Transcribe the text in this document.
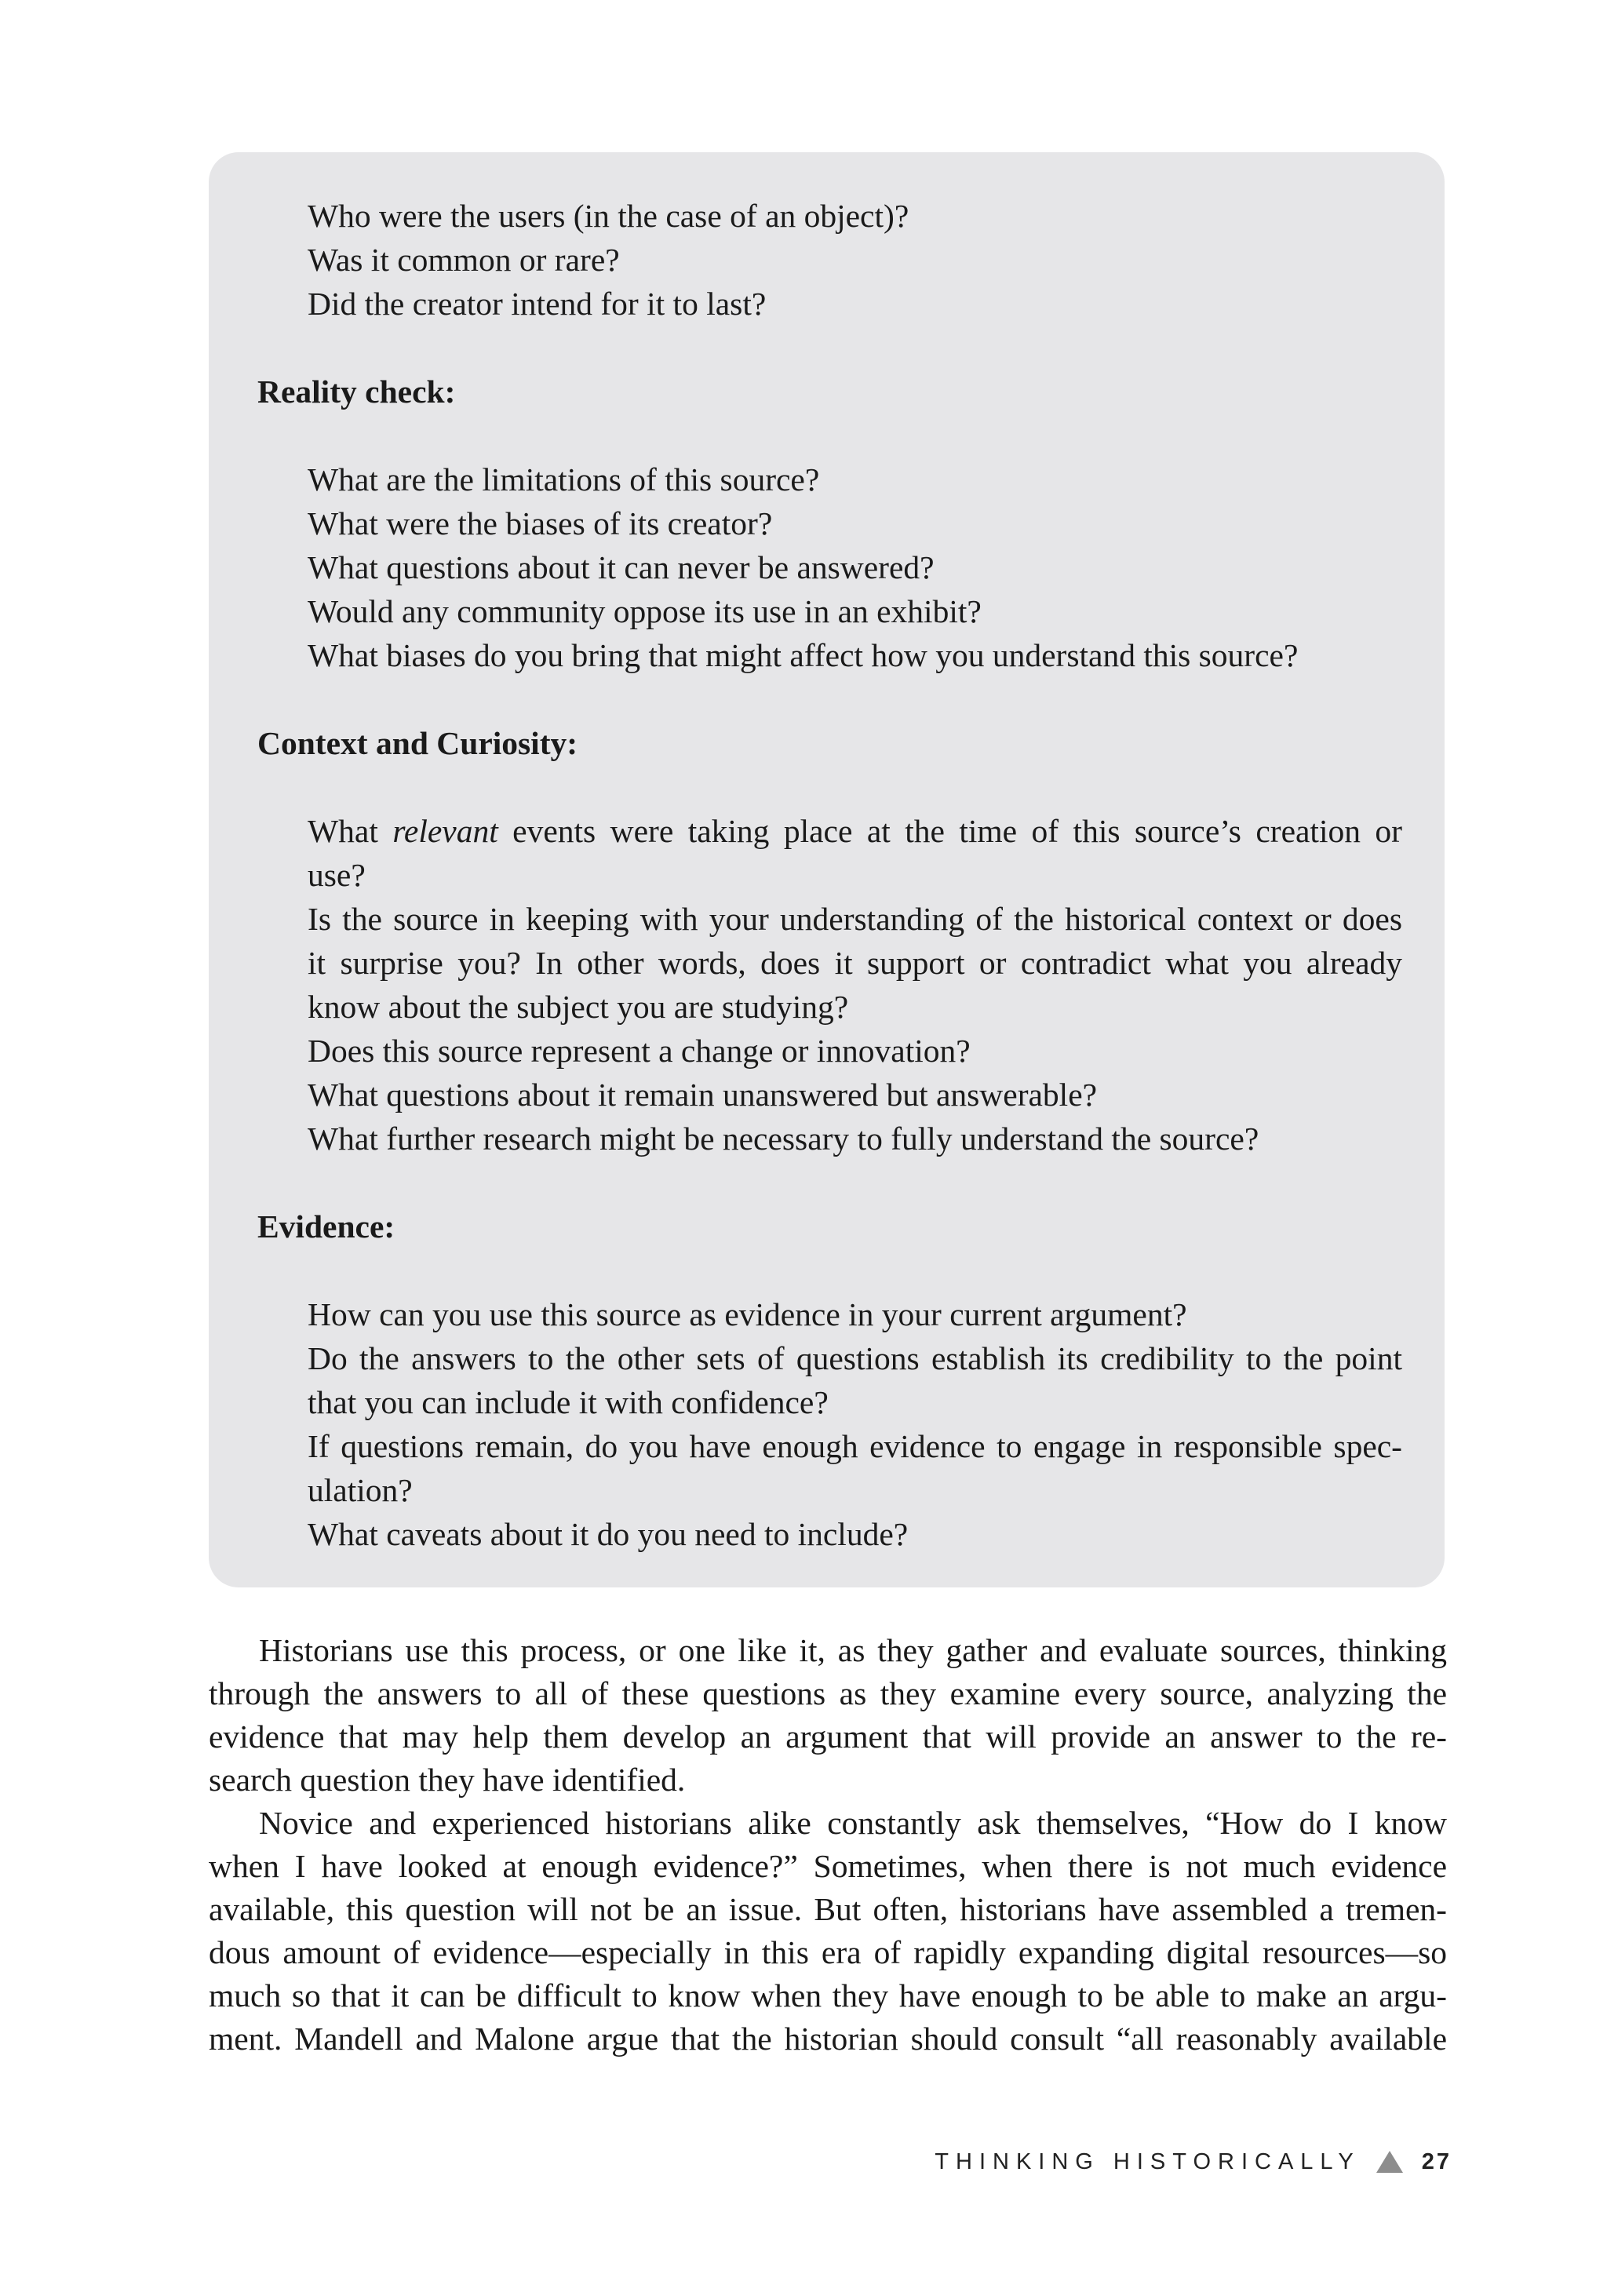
Who were the users (in the case of an object)?
Was it common or rare?
Did the creator intend for it to last?
Reality check:
What are the limitations of this source?
What were the biases of its creator?
What questions about it can never be answered?
Would any community oppose its use in an exhibit?
What biases do you bring that might affect how you understand this source?
Context and Curiosity:
What relevant events were taking place at the time of this source’s creation or
use?
Is the source in keeping with your understanding of the historical context or does
it surprise you? In other words, does it support or contradict what you already
know about the subject you are studying?
Does this source represent a change or innovation?
What questions about it remain unanswered but answerable?
What further research might be necessary to fully understand the source?
Evidence:
How can you use this source as evidence in your current argument?
Do the answers to the other sets of questions establish its credibility to the point
that you can include it with confidence?
If questions remain, do you have enough evidence to engage in responsible spec-
ulation?
What caveats about it do you need to include?
Historians use this process, or one like it, as they gather and evaluate sources, thinking
through the answers to all of these questions as they examine every source, analyzing the
evidence that may help them develop an argument that will provide an answer to the re-
search question they have identified.
Novice and experienced historians alike constantly ask themselves, “How do I know
when I have looked at enough evidence?” Sometimes, when there is not much evidence
available, this question will not be an issue. But often, historians have assembled a tremen-
dous amount of evidence—especially in this era of rapidly expanding digital resources—so
much so that it can be difficult to know when they have enough to be able to make an argu-
ment. Mandell and Malone argue that the historian should consult “all reasonably available
THINKING HISTORICALLY	27
